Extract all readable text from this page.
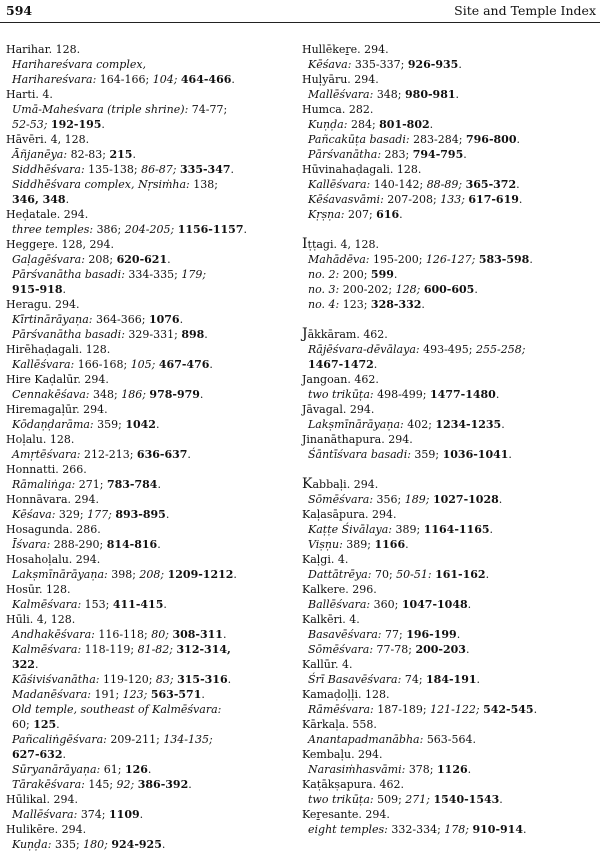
594	Site and Temple Index
Harihar. 128.
Harihareśvara complex,
Harihareśvara: 164-166; 104; 464-466.
Harti. 4.
Umā-Maheśvara (triple shrine): 74-77;
52-53; 192-195.
Hāvēri. 4, 128.
Āñjanēya: 82-83; 215.
Siddhēśvara: 135-138; 86-87; 335-347.
Siddhēśvara complex, Nṛsiṁha: 138;
346, 348.
Heḍatale. 294.
three temples: 386; 204-205; 1156-1157.
Heggeṟe. 128, 294.
Gaḷagēśvara: 208; 620-621.
Pārśvanātha basadi: 334-335; 179;
915-918.
Heragu. 294.
Kīrtinārāyaṇa: 364-366; 1076.
Pārśvanātha basadi: 329-331; 898.
Hirēhaḍagali. 128.
Kallēśvara: 166-168; 105; 467-476.
Hire Kaḍalūr. 294.
Cennakēśava: 348; 186; 978-979.
Hiremagaḷūr. 294.
Kōdaṇḍarāma: 359; 1042.
Hoḷalu. 128.
Amṛtēśvara: 212-213; 636-637.
Honnatti. 266.
Rāmaliṅga: 271; 783-784.
Honnāvara. 294.
Kēśava: 329; 177; 893-895.
Hosagunda. 286.
Īśvara: 288-290; 814-816.
Hosahoḷalu. 294.
Lakṣmīnārāyaṇa: 398; 208; 1209-1212.
Hosūr. 128.
Kalmēśvara: 153; 411-415.
Hūli. 4, 128.
Andhakēśvara: 116-118; 80; 308-311.
Kalmēśvara: 118-119; 81-82; 312-314,
322.
Kāśiviśvanātha: 119-120; 83; 315-316.
Madanēśvara: 191; 123; 563-571.
Old temple, southeast of Kalmēśvara:
60; 125.
Pañcaliṅgēśvara: 209-211; 134-135;
627-632.
Sūryanārāyaṇa: 61; 126.
Tārakēśvara: 145; 92; 386-392.
Hūlikal. 294.
Mallēśvara: 374; 1109.
Hulikēre. 294.
Kuṇḍa: 335; 180; 924-925.
Hullēkeṟe. 294.
Kēśava: 335-337; 926-935.
Huḷyāru. 294.
Mallēśvara: 348; 980-981.
Humca. 282.
Kuṇḍa: 284; 801-802.
Pañcakūṭa basadi: 283-284; 796-800.
Pārśvanātha: 283; 794-795.
Hūvinahaḍagali. 128.
Kallēśvara: 140-142; 88-89; 365-372.
Kēśavasvāmi: 207-208; 133; 617-619.
Kṛṣṇa: 207; 616.
Iṭṭagi. 4, 128.
Mahādēva: 195-200; 126-127; 583-598.
no. 2: 200; 599.
no. 3: 200-202; 128; 600-605.
no. 4: 123; 328-332.
Jākkāram. 462.
Rājēśvara-dēvālaya: 493-495; 255-258;
1467-1472.
Jangoan. 462.
two trikūṭa: 498-499; 1477-1480.
Jāvagal. 294.
Lakṣmīnārāyaṇa: 402; 1234-1235.
Jinanāthapura. 294.
Śāntīśvara basadi: 359; 1036-1041.
Kabbaḷi. 294.
Sōmēśvara: 356; 189; 1027-1028.
Kaḷasāpura. 294.
Kaṭṭe Śivālaya: 389; 1164-1165.
Viṣṇu: 389; 1166.
Kaḷgi. 4.
Dattātrēya: 70; 50-51: 161-162.
Kalkere. 296.
Ballēśvara: 360; 1047-1048.
Kalkēri. 4.
Basavēśvara: 77; 196-199.
Sōmēśvara: 77-78; 200-203.
Kallūr. 4.
Śrī Basavēśvara: 74; 184-191.
Kamaḍoḷḷi. 128.
Rāmēśvara: 187-189; 121-122; 542-545.
Kārkaḷa. 558.
Anantapadmanābha: 563-564.
Kembaḷu. 294.
Narasiṁhasvāmi: 378; 1126.
Kaṭākṣapura. 462.
two trikūṭa: 509; 271; 1540-1543.
Keṟesante. 294.
eight temples: 332-334; 178; 910-914.
